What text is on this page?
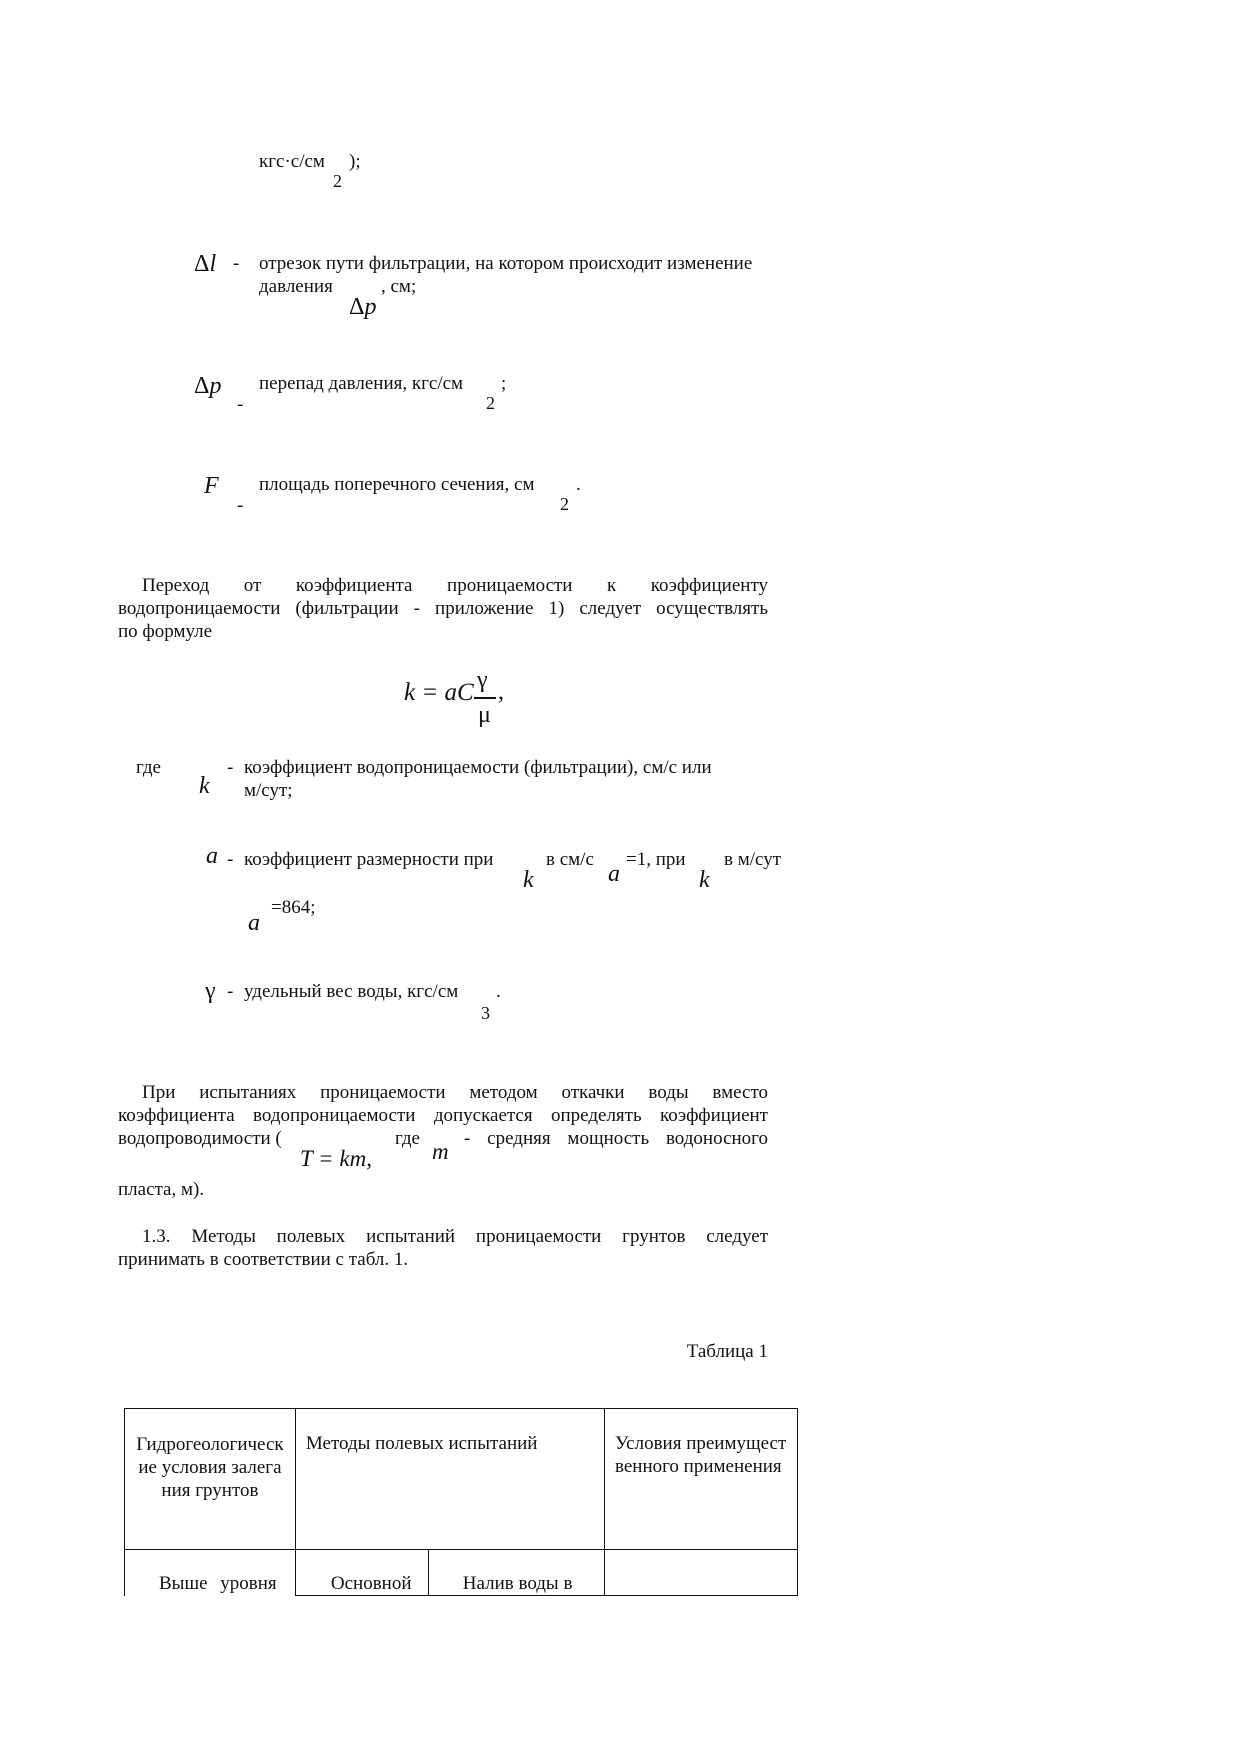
кгс·с/см
2
);
Δl - отрезок пути фильтрации, на котором происходит изменение
давления	, см;
Δp
Δp
-
перепад давления, кгс/см
2
;
F
-
площадь поперечного сечения, см
2
.
Переход от коэффициента проницаемости к коэффициенту
водопроницаемости (фильтрации - приложение 1) следует осуществлять
по формуле
k = aC γ
μ
,
где
k
- коэффициент водопроницаемости (фильтрации), см/с или
м/сут;
a - коэффициент размерности при
k
в см/с
a
=1, при
k
в м/сут
=864;
a
γ - удельный вес воды, кгс/см
3
.
При испытаниях проницаемости методом откачки воды вместо
коэффициента водопроницаемости допускается определять коэффициент
водопроводимости (	где - средняя мощность водоносного
T = km,	m
пласта, м).
1.3. Методы полевых испытаний проницаемости грунтов следует
принимать в соответствии с табл. 1.
Таблица 1
Гидрогеологические условия залегания грунтов	Методы полевых испытаний		Условия преимущественного применения

Выше уровня	Основной	Налив воды в	
